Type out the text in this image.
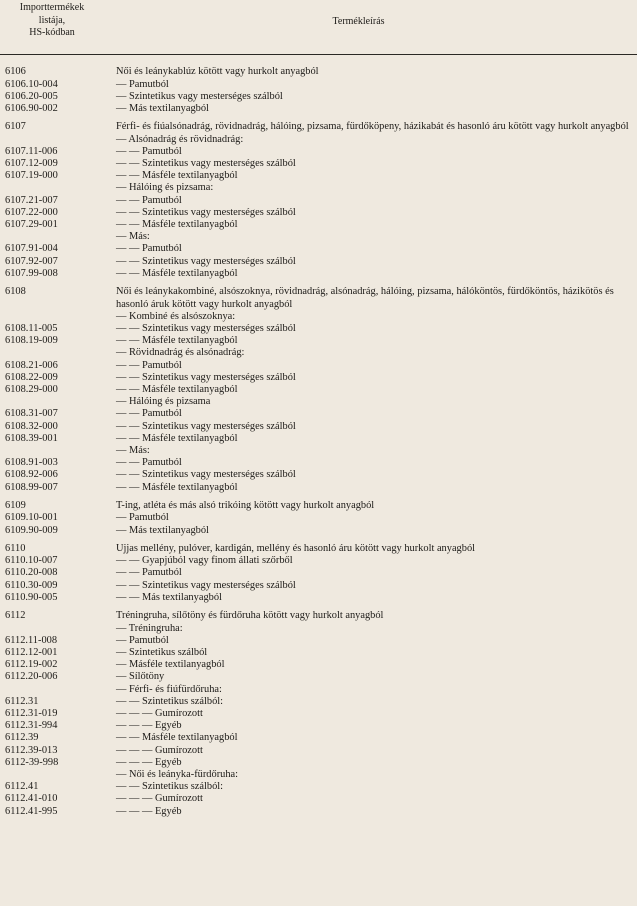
Importtermékek
listája,
HS-kódban
Termékleírás
6106	Női és leánykablúz kötött vagy hurkolt anyagból
6106.10-004	— Pamutból
6106.20-005	— Szintetikus vagy mesterséges szálból
6106.90-002	— Más textilanyagból
6107	Férfi- és fiúalsónadrág, rövidnadrág, hálóing, pizsama, fürdőköpeny, házikabát és hasonló áru kötött vagy hurkolt anyagból
— Alsónadrág és rövidnadrág:
6107.11-006	— — Pamutból
6107.12-009	— — Szintetikus vagy mesterséges szálból
6107.19-000	— — Másféle textilanyagból
— Hálóing és pizsama:
6107.21-007	— — Pamutból
6107.22-000	— — Szintetikus vagy mesterséges szálból
6107.29-001	— — Másféle textilanyagból
— Más:
6107.91-004	— — Pamutból
6107.92-007	— — Szintetikus vagy mesterséges szálból
6107.99-008	— — Másféle textilanyagból
6108	Női és leánykakombiné, alsószoknya, rövidnadrág, alsónadrág, hálóing, pizsama, hálóköntös, fürdőköntös, házikötös és hasonló áruk kötött vagy hurkolt anyagból
— Kombiné és alsószoknya:
6108.11-005	— — Szintetikus vagy mesterséges szálból
6108.19-009	— — Másféle textilanyagból
— Rövidnadrág és alsónadrág:
6108.21-006	— — Pamutból
6108.22-009	— — Szintetikus vagy mesterséges szálból
6108.29-000	— — Másféle textilanyagból
— Hálóing és pizsama
6108.31-007	— — Pamutból
6108.32-000	— — Szintetikus vagy mesterséges szálból
6108.39-001	— — Másféle textilanyagból
— Más:
6108.91-003	— — Pamutból
6108.92-006	— — Szintetikus vagy mesterséges szálból
6108.99-007	— — Másféle textilanyagból
6109	T-ing, atléta és más alsó trikóing kötött vagy hurkolt anyagból
6109.10-001	— Pamutból
6109.90-009	— Más textilanyagból
6110	Ujjas mellény, pulóver, kardigán, mellény és hasonló áru kötött vagy hurkolt anyagból
6110.10-007	— — Gyapjúból vagy finom állati szőrből
6110.20-008	— — Pamutból
6110.30-009	— — Szintetikus vagy mesterséges szálból
6110.90-005	— — Más textilanyagból
6112	Tréningruha, sílőtöny és fürdőruha kötött vagy hurkolt anyagból
— Tréningruha:
6112.11-008	— Pamutból
6112.12-001	— Szintetikus szálból
6112.19-002	— Másféle textilanyagból
6112.20-006	— Sílőtöny
— Férfi- és fiúfürdőruha:
6112.31	— — Szintetikus szálból:
6112.31-019	— — — Gumírozott
6112.31-994	— — — Egyéb
6112.39	— — Másféle textilanyagból
6112.39-013	— — — Gumírozott
6112-39-998	— — — Egyéb
— Női és leányka-fürdőruha:
6112.41	— — Szintetikus szálból:
6112.41-010	— — — Gumírozott
6112.41-995	— — — Egyéb
